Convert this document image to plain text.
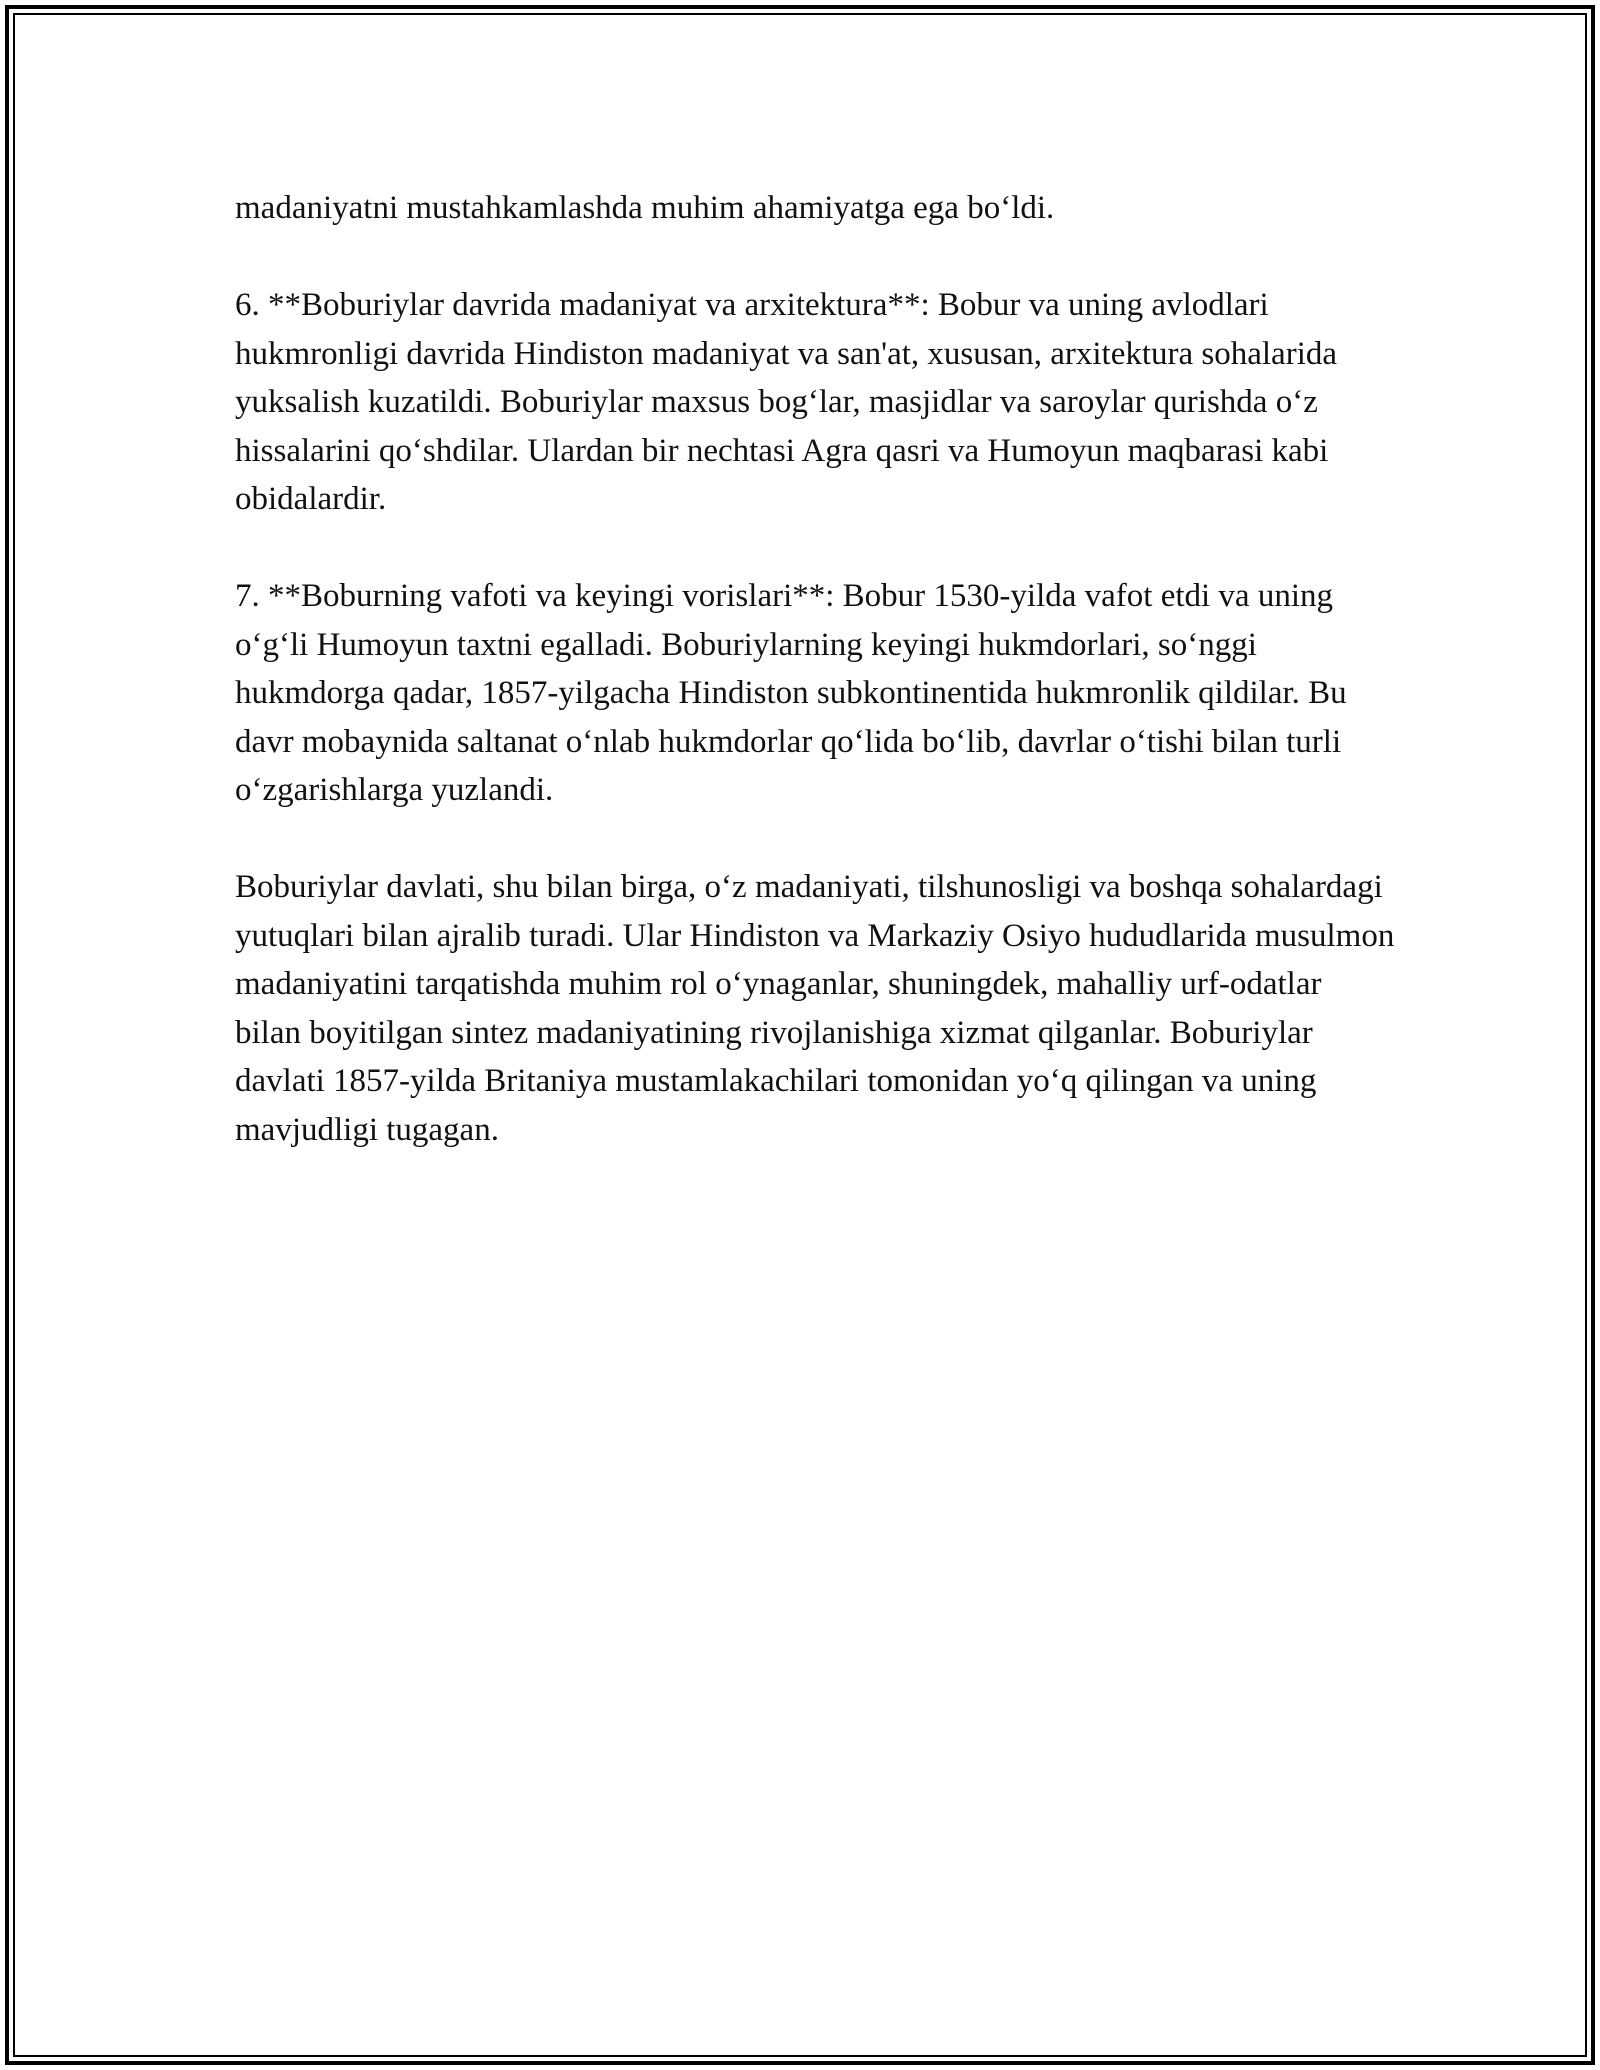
madaniyatni mustahkamlashda muhim ahamiyatga ega bo‘ldi.

6. **Boburiylar davrida madaniyat va arxitektura**: Bobur va uning avlodlari hukmronligi davrida Hindiston madaniyat va san'at, xususan, arxitektura sohalarida yuksalish kuzatildi. Boburiylar maxsus bog‘lar, masjidlar va saroylar qurishda o‘z hissalarini qo‘shdilar. Ulardan bir nechtasi Agra qasri va Humoyun maqbarasi kabi obidalardir.

7. **Boburning vafoti va keyingi vorislari**: Bobur 1530-yilda vafot etdi va uning o‘g‘li Humoyun taxtni egalladi. Boburiylarning keyingi hukmdorlari, so‘nggi hukmdorga qadar, 1857-yilgacha Hindiston subkontinentida hukmronlik qildilar. Bu davr mobaynida saltanat o‘nlab hukmdorlar qo‘lida bo‘lib, davrlar o‘tishi bilan turli o‘zgarishlarga yuzlandi.

Boburiylar davlati, shu bilan birga, o‘z madaniyati, tilshunosligi va boshqa sohalardagi yutuqlari bilan ajralib turadi. Ular Hindiston va Markaziy Osiyo hududlarida musulmon madaniyatini tarqatishda muhim rol o‘ynaganlar, shuningdek, mahalliy urf-odatlar bilan boyitilgan sintez madaniyatining rivojlanishiga xizmat qilganlar. Boburiylar davlati 1857-yilda Britaniya mustamlakachilari tomonidan yo‘q qilingan va uning mavjudligi tugagan.
